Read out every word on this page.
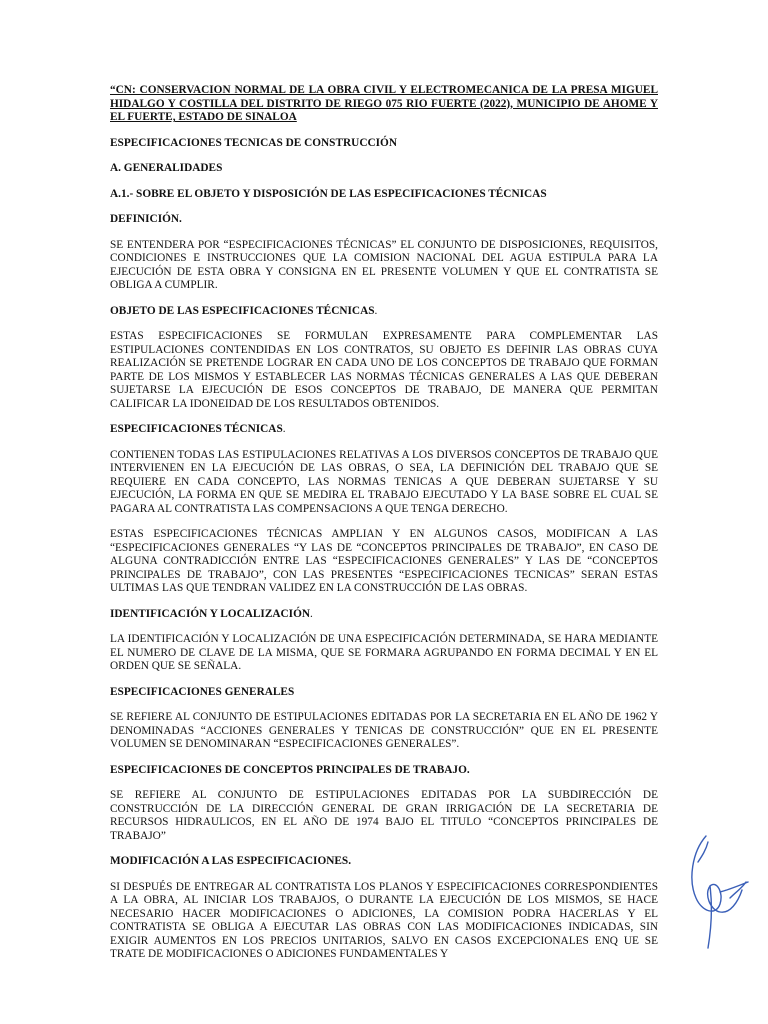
“CN: CONSERVACION NORMAL DE LA OBRA CIVIL Y ELECTROMECANICA DE LA PRESA MIGUEL HIDALGO Y COSTILLA DEL DISTRITO DE RIEGO 075 RIO FUERTE (2022), MUNICIPIO DE AHOME Y EL FUERTE, ESTADO DE SINALOA

ESPECIFICACIONES TECNICAS DE CONSTRUCCIÓN

A. GENERALIDADES

A.1.- SOBRE EL OBJETO Y DISPOSICIÓN DE LAS ESPECIFICACIONES TÉCNICAS

DEFINICIÓN.

SE ENTENDERA POR “ESPECIFICACIONES TÉCNICAS” EL CONJUNTO DE DISPOSICIONES, REQUISITOS, CONDICIONES E INSTRUCCIONES QUE LA COMISION NACIONAL DEL AGUA ESTIPULA PARA LA EJECUCIÓN DE ESTA OBRA Y CONSIGNA EN EL PRESENTE VOLUMEN Y QUE EL CONTRATISTA SE OBLIGA A CUMPLIR.

OBJETO DE LAS ESPECIFICACIONES TÉCNICAS.

ESTAS ESPECIFICACIONES SE FORMULAN EXPRESAMENTE PARA COMPLEMENTAR LAS ESTIPULACIONES CONTENDIDAS EN LOS CONTRATOS, SU OBJETO ES DEFINIR LAS OBRAS CUYA REALIZACIÓN SE PRETENDE LOGRAR EN CADA UNO DE LOS CONCEPTOS DE TRABAJO QUE FORMAN PARTE DE LOS MISMOS Y ESTABLECER LAS NORMAS TÉCNICAS GENERALES A LAS QUE DEBERAN SUJETARSE LA EJECUCIÓN DE ESOS CONCEPTOS DE TRABAJO, DE MANERA QUE PERMITAN CALIFICAR LA IDONEIDAD DE LOS RESULTADOS OBTENIDOS.

ESPECIFICACIONES TÉCNICAS.

CONTIENEN TODAS LAS ESTIPULACIONES RELATIVAS A LOS DIVERSOS CONCEPTOS DE TRABAJO QUE INTERVIENEN EN LA EJECUCIÓN DE LAS OBRAS, O SEA, LA DEFINICIÓN DEL TRABAJO QUE SE REQUIERE EN CADA CONCEPTO, LAS NORMAS TENICAS A QUE DEBERAN SUJETARSE Y SU EJECUCIÓN, LA FORMA EN QUE SE MEDIRA EL TRABAJO EJECUTADO Y LA BASE SOBRE EL CUAL SE PAGARA AL CONTRATISTA LAS COMPENSACIONS A QUE TENGA DERECHO.

ESTAS ESPECIFICACIONES TÉCNICAS AMPLIAN Y EN ALGUNOS CASOS, MODIFICAN A LAS “ESPECIFICACIONES GENERALES “Y LAS DE “CONCEPTOS PRINCIPALES DE TRABAJO”, EN CASO DE ALGUNA CONTRADICCIÓN ENTRE LAS “ESPECIFICACIONES GENERALES” Y LAS DE “CONCEPTOS PRINCIPALES DE TRABAJO”, CON LAS PRESENTES “ESPECIFICACIONES TECNICAS” SERAN ESTAS ULTIMAS LAS QUE TENDRAN VALIDEZ EN LA CONSTRUCCIÓN DE LAS OBRAS.

IDENTIFICACIÓN Y LOCALIZACIÓN.

LA IDENTIFICACIÓN Y LOCALIZACIÓN DE UNA ESPECIFICACIÓN DETERMINADA, SE HARA MEDIANTE EL NUMERO DE CLAVE DE LA MISMA, QUE SE FORMARA AGRUPANDO EN FORMA DECIMAL Y EN EL ORDEN QUE SE SEÑALA.

ESPECIFICACIONES GENERALES

SE REFIERE AL CONJUNTO DE ESTIPULACIONES EDITADAS POR LA SECRETARIA EN EL AÑO DE 1962 Y DENOMINADAS “ACCIONES GENERALES Y TENICAS DE CONSTRUCCIÓN” QUE EN EL PRESENTE VOLUMEN SE DENOMINARAN “ESPECIFICACIONES GENERALES”.

ESPECIFICACIONES DE CONCEPTOS PRINCIPALES DE TRABAJO.

SE REFIERE AL CONJUNTO DE ESTIPULACIONES EDITADAS POR LA SUBDIRECCIÓN DE CONSTRUCCIÓN DE LA DIRECCIÓN GENERAL DE GRAN IRRIGACIÓN DE LA SECRETARIA DE RECURSOS HIDRAULICOS, EN EL AÑO DE 1974 BAJO EL TITULO “CONCEPTOS PRINCIPALES DE TRABAJO”

MODIFICACIÓN A LAS ESPECIFICACIONES.

SI DESPUÉS DE ENTREGAR AL CONTRATISTA LOS PLANOS Y ESPECIFICACIONES CORRESPONDIENTES A LA OBRA, AL INICIAR LOS TRABAJOS, O DURANTE LA EJECUCIÓN DE LOS MISMOS, SE HACE NECESARIO HACER MODIFICACIONES O ADICIONES, LA COMISION PODRA HACERLAS Y EL CONTRATISTA SE OBLIGA A EJECUTAR LAS OBRAS CON LAS MODIFICACIONES INDICADAS, SIN EXIGIR AUMENTOS EN LOS PRECIOS UNITARIOS, SALVO EN CASOS EXCEPCIONALES ENQ UE SE TRATE DE MODIFICACIONES O ADICIONES FUNDAMENTALES Y
